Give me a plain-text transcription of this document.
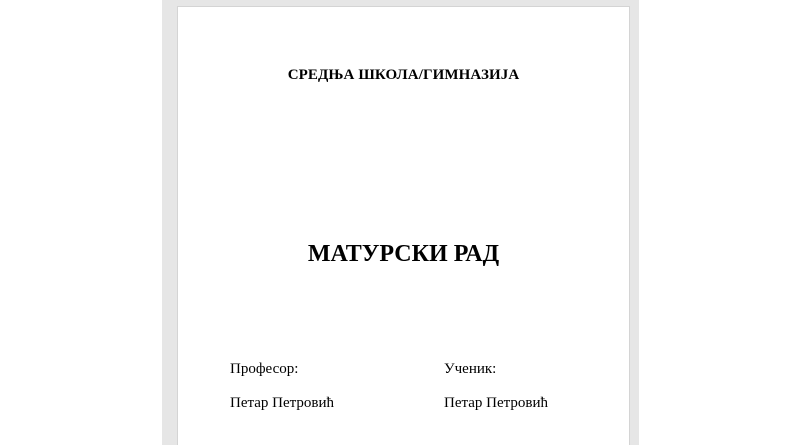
СРЕДЊА ШКОЛА/ГИМНАЗИЈА
МАТУРСКИ РАД
Професор:
Петар Петровић
Ученик:
Петар Петровић
